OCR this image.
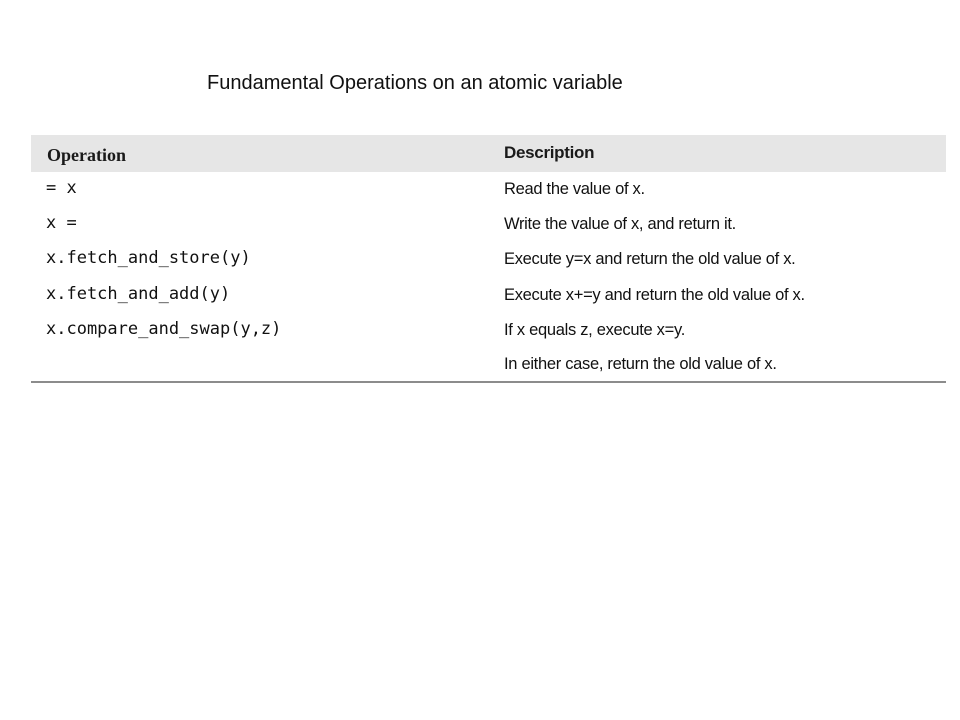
Fundamental Operations on an atomic variable
Operation	Description
= x	Read the value of x.
x =	Write the value of x, and return it.
x.fetch_and_store(y)	Execute y=x and return the old value of x.
x.fetch_and_add(y)	Execute x+=y and return the old value of x.
x.compare_and_swap(y,z)	If x equals z, execute x=y.
In either case, return the old value of x.
